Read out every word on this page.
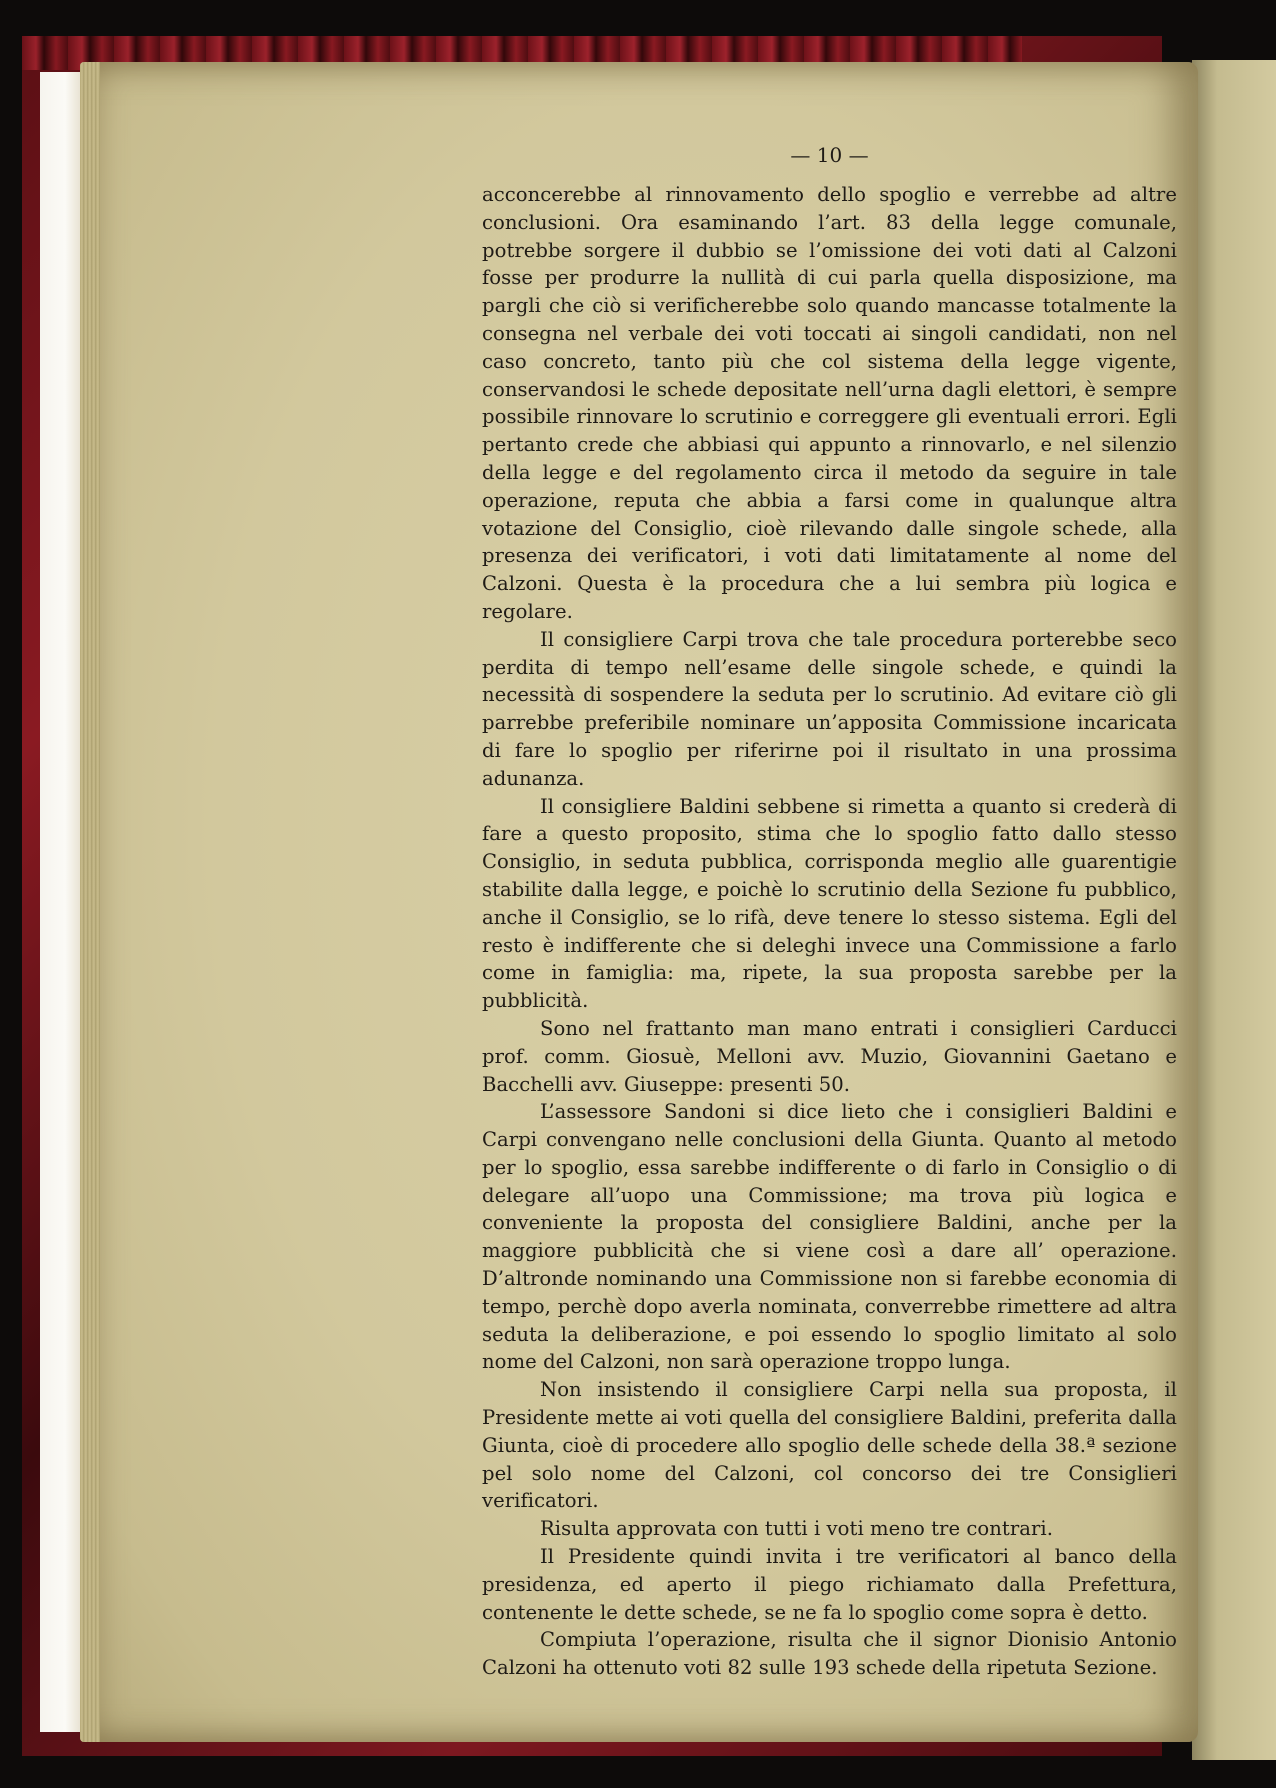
— 10 —

acconcerebbe al rinnovamento dello spoglio e verrebbe ad altre conclusioni. Ora esaminando l’art. 83 della legge comunale, potrebbe sorgere il dubbio se l’omissione dei voti dati al Calzoni fosse per produrre la nullità di cui parla quella disposizione, ma pargli che ciò si verificherebbe solo quando mancasse totalmente la consegna nel verbale dei voti toccati ai singoli candidati, non nel caso concreto, tanto più che col sistema della legge vigente, conservandosi le schede depositate nell’urna dagli elettori, è sempre possibile rinnovare lo scrutinio e correggere gli eventuali errori. Egli pertanto crede che abbiasi qui appunto a rinnovarlo, e nel silenzio della legge e del regolamento circa il metodo da seguire in tale operazione, reputa che abbia a farsi come in qualunque altra votazione del Consiglio, cioè rilevando dalle singole schede, alla presenza dei verificatori, i voti dati limitatamente al nome del Calzoni. Questa è la procedura che a lui sembra più logica e regolare.

Il consigliere Carpi trova che tale procedura porterebbe seco perdita di tempo nell’esame delle singole schede, e quindi la necessità di sospendere la seduta per lo scrutinio. Ad evitare ciò gli parrebbe preferibile nominare un’apposita Commissione incaricata di fare lo spoglio per riferirne poi il risultato in una prossima adunanza.

Il consigliere Baldini sebbene si rimetta a quanto si crederà di fare a questo proposito, stima che lo spoglio fatto dallo stesso Consiglio, in seduta pubblica, corrisponda meglio alle guarentigie stabilite dalla legge, e poichè lo scrutinio della Sezione fu pubblico, anche il Consiglio, se lo rifà, deve tenere lo stesso sistema. Egli del resto è indifferente che si deleghi invece una Commissione a farlo come in famiglia: ma, ripete, la sua proposta sarebbe per la pubblicità.

Sono nel frattanto man mano entrati i consiglieri Carducci prof. comm. Giosuè, Melloni avv. Muzio, Giovannini Gaetano e Bacchelli avv. Giuseppe: presenti 50.

L’assessore Sandoni si dice lieto che i consiglieri Baldini e Carpi convengano nelle conclusioni della Giunta. Quanto al metodo per lo spoglio, essa sarebbe indifferente o di farlo in Consiglio o di delegare all’uopo una Commissione; ma trova più logica e conveniente la proposta del consigliere Baldini, anche per la maggiore pubblicità che si viene così a dare all’ operazione. D’altronde nominando una Commissione non si farebbe economia di tempo, perchè dopo averla nominata, converrebbe rimettere ad altra seduta la deliberazione, e poi essendo lo spoglio limitato al solo nome del Calzoni, non sarà operazione troppo lunga.

Non insistendo il consigliere Carpi nella sua proposta, il Presidente mette ai voti quella del consigliere Baldini, preferita dalla Giunta, cioè di procedere allo spoglio delle schede della 38.ª sezione pel solo nome del Calzoni, col concorso dei tre Consiglieri verificatori.

Risulta approvata con tutti i voti meno tre contrari.

Il Presidente quindi invita i tre verificatori al banco della presidenza, ed aperto il piego richiamato dalla Prefettura, contenente le dette schede, se ne fa lo spoglio come sopra è detto.

Compiuta l’operazione, risulta che il signor Dionisio Antonio Calzoni ha ottenuto voti 82 sulle 193 schede della ripetuta Sezione.
